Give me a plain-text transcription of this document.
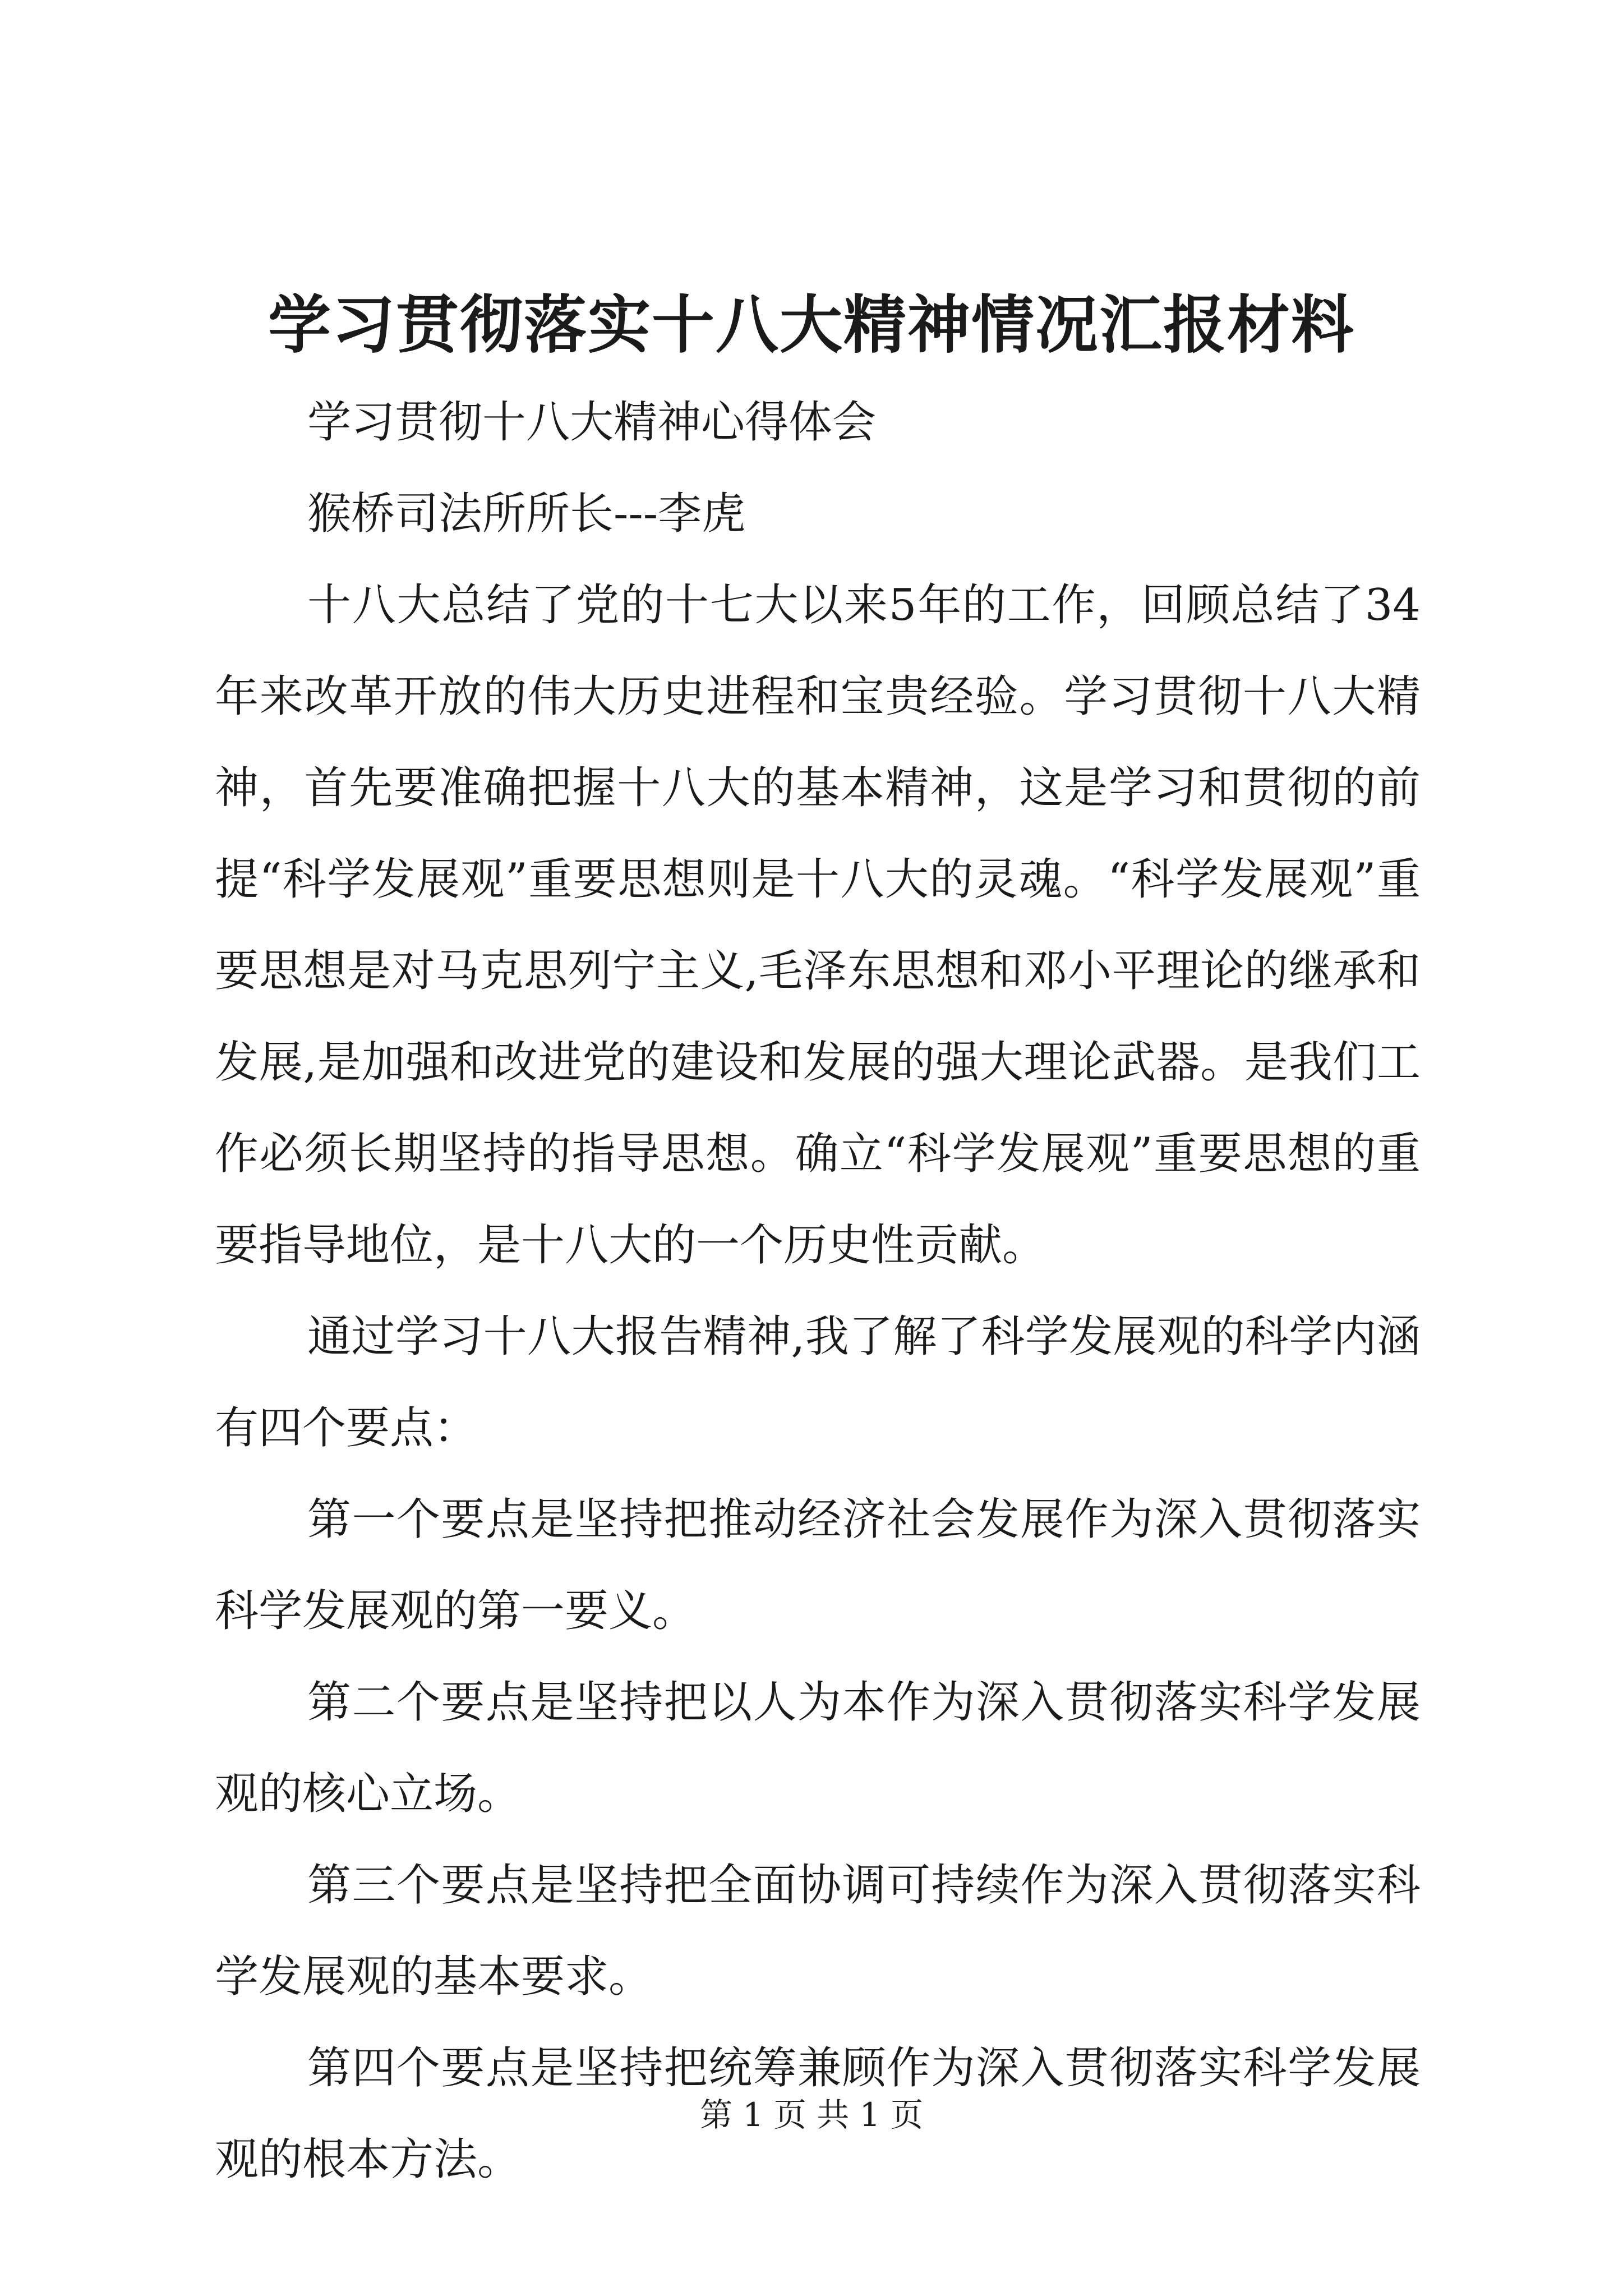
学习贯彻落实十八大精神情况汇报材料

学习贯彻十八大精神心得体会

猴桥司法所所长---李虎

十八大总结了党的十七大以来5年的工作，回顾总结了34年来改革开放的伟大历史进程和宝贵经验。学习贯彻十八大精神，首先要准确把握十八大的基本精神，这是学习和贯彻的前提“科学发展观”重要思想则是十八大的灵魂。“科学发展观”重要思想是对马克思列宁主义,毛泽东思想和邓小平理论的继承和发展,是加强和改进党的建设和发展的强大理论武器。是我们工作必须长期坚持的指导思想。确立“科学发展观”重要思想的重要指导地位，是十八大的一个历史性贡献。

通过学习十八大报告精神,我了解了科学发展观的科学内涵有四个要点：

第一个要点是坚持把推动经济社会发展作为深入贯彻落实科学发展观的第一要义。

第二个要点是坚持把以人为本作为深入贯彻落实科学发展观的核心立场。

第三个要点是坚持把全面协调可持续作为深入贯彻落实科学发展观的基本要求。

第四个要点是坚持把统筹兼顾作为深入贯彻落实科学发展观的根本方法。

第 1 页 共 1 页
